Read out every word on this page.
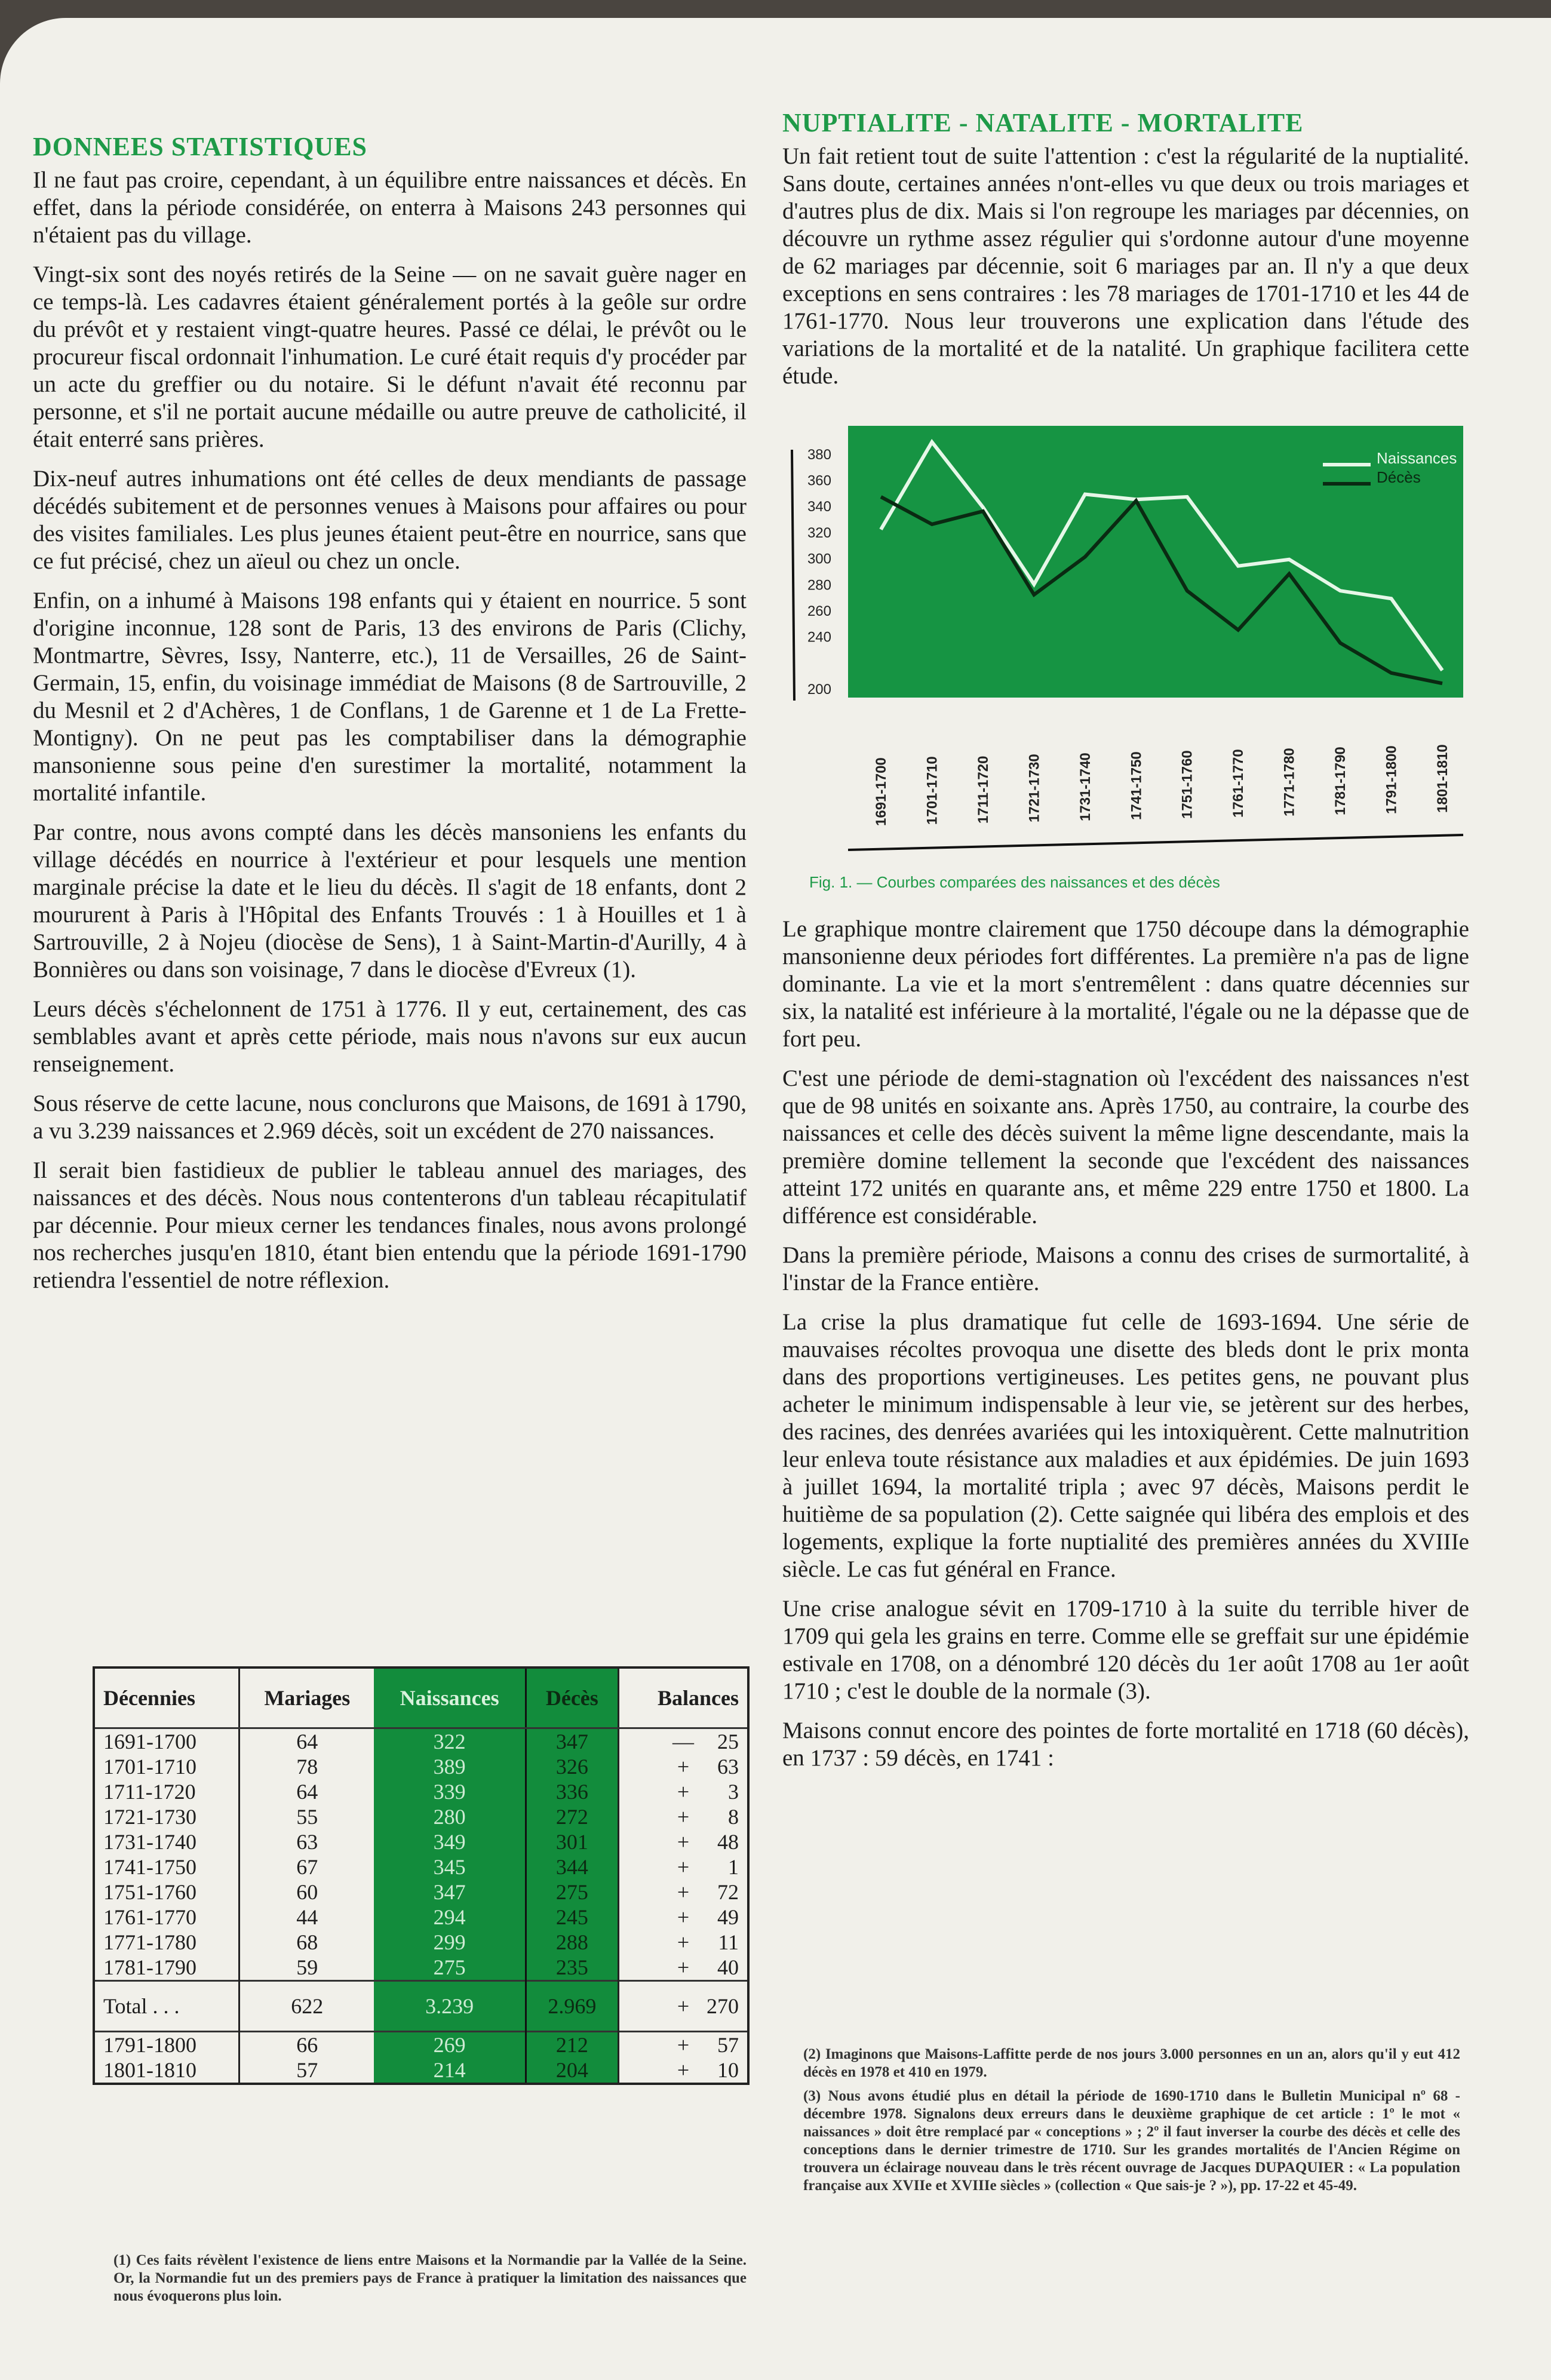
DONNEES STATISTIQUES

Il ne faut pas croire, cependant, à un équilibre entre naissances et décès. En effet, dans la période considérée, on enterra à Maisons 243 personnes qui n'étaient pas du village.

Vingt-six sont des noyés retirés de la Seine — on ne savait guère nager en ce temps-là. Les cadavres étaient généralement portés à la geôle sur ordre du prévôt et y restaient vingt-quatre heures. Passé ce délai, le prévôt ou le procureur fiscal ordonnait l'inhumation. Le curé était requis d'y procéder par un acte du greffier ou du notaire. Si le défunt n'avait été reconnu par personne, et s'il ne portait aucune médaille ou autre preuve de catholicité, il était enterré sans prières.

Dix-neuf autres inhumations ont été celles de deux mendiants de passage décédés subitement et de personnes venues à Maisons pour affaires ou pour des visites familiales. Les plus jeunes étaient peut-être en nourrice, sans que ce fut précisé, chez un aïeul ou chez un oncle.

Enfin, on a inhumé à Maisons 198 enfants qui y étaient en nourrice. 5 sont d'origine inconnue, 128 sont de Paris, 13 des environs de Paris (Clichy, Montmartre, Sèvres, Issy, Nanterre, etc.), 11 de Versailles, 26 de Saint-Germain, 15, enfin, du voisinage immédiat de Maisons (8 de Sartrouville, 2 du Mesnil et 2 d'Achères, 1 de Conflans, 1 de Garenne et 1 de La Frette-Montigny). On ne peut pas les comptabiliser dans la démographie mansonienne sous peine d'en surestimer la mortalité, notamment la mortalité infantile.

Par contre, nous avons compté dans les décès mansoniens les enfants du village décédés en nourrice à l'extérieur et pour lesquels une mention marginale précise la date et le lieu du décès. Il s'agit de 18 enfants, dont 2 moururent à Paris à l'Hôpital des Enfants Trouvés : 1 à Houilles et 1 à Sartrouville, 2 à Nojeu (diocèse de Sens), 1 à Saint-Martin-d'Aurilly, 4 à Bonnières ou dans son voisinage, 7 dans le diocèse d'Evreux (1).

Leurs décès s'échelonnent de 1751 à 1776. Il y eut, certainement, des cas semblables avant et après cette période, mais nous n'avons sur eux aucun renseignement.

Sous réserve de cette lacune, nous conclurons que Maisons, de 1691 à 1790, a vu 3.239 naissances et 2.969 décès, soit un excédent de 270 naissances.

Il serait bien fastidieux de publier le tableau annuel des mariages, des naissances et des décès. Nous nous contenterons d'un tableau récapitulatif par décennie. Pour mieux cerner les tendances finales, nous avons prolongé nos recherches jusqu'en 1810, étant bien entendu que la période 1691-1790 retiendra l'essentiel de notre réflexion.

Décennies	Mariages	Naissances	Décès	Balances
1691-1700	64	322	347	— 25
1701-1710	78	389	326	+ 63
1711-1720	64	339	336	+ 3
1721-1730	55	280	272	+ 8
1731-1740	63	349	301	+ 48
1741-1750	67	345	344	+ 1
1751-1760	60	347	275	+ 72
1761-1770	44	294	245	+ 49
1771-1780	68	299	288	+ 11
1781-1790	59	275	235	+ 40
Total . . .	622	3.239	2.969	+ 270
1791-1800	66	269	212	+ 57
1801-1810	57	214	204	+ 10

(1) Ces faits révèlent l'existence de liens entre Maisons et la Normandie par la Vallée de la Seine. Or, la Normandie fut un des premiers pays de France à pratiquer la limitation des naissances que nous évoquerons plus loin.

NUPTIALITE - NATALITE - MORTALITE

Un fait retient tout de suite l'attention : c'est la régularité de la nuptialité. Sans doute, certaines années n'ont-elles vu que deux ou trois mariages et d'autres plus de dix. Mais si l'on regroupe les mariages par décennies, on découvre un rythme assez régulier qui s'ordonne autour d'une moyenne de 62 mariages par décennie, soit 6 mariages par an. Il n'y a que deux exceptions en sens contraires : les 78 mariages de 1701-1710 et les 44 de 1761-1770. Nous leur trouverons une explication dans l'étude des variations de la mortalité et de la natalité. Un graphique facilitera cette étude.

200
240
260
280
300
320
340
360
380
1691-1700 1701-1710 1711-1720 1721-1730 1731-1740 1741-1750 1751-1760 1761-1770 1771-1780 1781-1790 1791-1800 1801-1810
Naissances
Décès
Fig. 1. — Courbes comparées des naissances et des décès

Le graphique montre clairement que 1750 découpe dans la démographie mansonienne deux périodes fort différentes. La première n'a pas de ligne dominante. La vie et la mort s'entremêlent : dans quatre décennies sur six, la natalité est inférieure à la mortalité, l'égale ou ne la dépasse que de fort peu.

C'est une période de demi-stagnation où l'excédent des naissances n'est que de 98 unités en soixante ans. Après 1750, au contraire, la courbe des naissances et celle des décès suivent la même ligne descendante, mais la première domine tellement la seconde que l'excédent des naissances atteint 172 unités en quarante ans, et même 229 entre 1750 et 1800. La différence est considérable.

Dans la première période, Maisons a connu des crises de surmortalité, à l'instar de la France entière.

La crise la plus dramatique fut celle de 1693-1694. Une série de mauvaises récoltes provoqua une disette des bleds dont le prix monta dans des proportions vertigineuses. Les petites gens, ne pouvant plus acheter le minimum indispensable à leur vie, se jetèrent sur des herbes, des racines, des denrées avariées qui les intoxiquèrent. Cette malnutrition leur enleva toute résistance aux maladies et aux épidémies. De juin 1693 à juillet 1694, la mortalité tripla ; avec 97 décès, Maisons perdit le huitième de sa population (2). Cette saignée qui libéra des emplois et des logements, explique la forte nuptialité des premières années du XVIIIe siècle. Le cas fut général en France.

Une crise analogue sévit en 1709-1710 à la suite du terrible hiver de 1709 qui gela les grains en terre. Comme elle se greffait sur une épidémie estivale en 1708, on a dénombré 120 décès du 1er août 1708 au 1er août 1710 ; c'est le double de la normale (3).

Maisons connut encore des pointes de forte mortalité en 1718 (60 décès), en 1737 : 59 décès, en 1741 :

(2) Imaginons que Maisons-Laffitte perde de nos jours 3.000 personnes en un an, alors qu'il y eut 412 décès en 1978 et 410 en 1979.

(3) Nous avons étudié plus en détail la période de 1690-1710 dans le Bulletin Municipal nº 68 - décembre 1978. Signalons deux erreurs dans le deuxième graphique de cet article : 1º le mot « naissances » doit être remplacé par « conceptions » ; 2º il faut inverser la courbe des décès et celle des conceptions dans le dernier trimestre de 1710. Sur les grandes mortalités de l'Ancien Régime on trouvera un éclairage nouveau dans le très récent ouvrage de Jacques DUPAQUIER : « La population française aux XVIIe et XVIIIe siècles » (collection « Que sais-je ? »), pp. 17-22 et 45-49.
